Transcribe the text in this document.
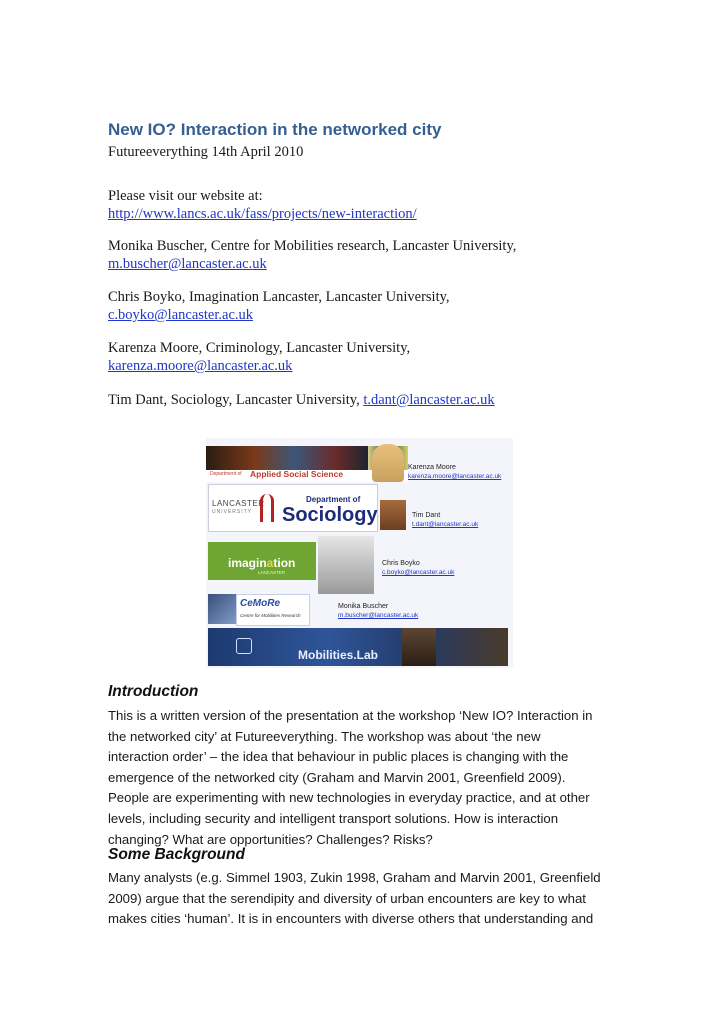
New IO? Interaction in the networked city
Futureeverything 14th April 2010
Please visit our website at:
http://www.lancs.ac.uk/fass/projects/new-interaction/
Monika Buscher, Centre for Mobilities research, Lancaster University,
m.buscher@lancaster.ac.uk
Chris Boyko, Imagination Lancaster, Lancaster University,
c.boyko@lancaster.ac.uk
Karenza Moore, Criminology, Lancaster University,
karenza.moore@lancaster.ac.uk
Tim Dant, Sociology, Lancaster University, t.dant@lancaster.ac.uk
Department of Applied Social Science
Karenza Moore
karenza.moore@lancaster.ac.uk
LANCASTER
UNIVERSITY
Department of
Sociology	Tim Dant
t.dant@lancaster.ac.uk
imagination
LANCASTER
Chris Boyko
c.boyko@lancaster.ac.uk
CeMoRe
Centre for Mobilities Research
Monika Buscher
m.buscher@lancaster.ac.uk
Mobilities.Lab
Introduction
This is a written version of the presentation at the workshop ‘New IO? Interaction in
the networked city’ at Futureeverything. The workshop was about ‘the new
interaction order’ – the idea that behaviour in public places is changing with the
emergence of the networked city (Graham and Marvin 2001, Greenfield 2009).
People are experimenting with new technologies in everyday practice, and at other
levels, including security and intelligent transport solutions. How is interaction
changing? What are opportunities? Challenges? Risks?
Some Background
Many analysts (e.g. Simmel 1903, Zukin 1998, Graham and Marvin 2001, Greenfield
2009) argue that the serendipity and diversity of urban encounters are key to what
makes cities ‘human’. It is in encounters with diverse others that understanding and
